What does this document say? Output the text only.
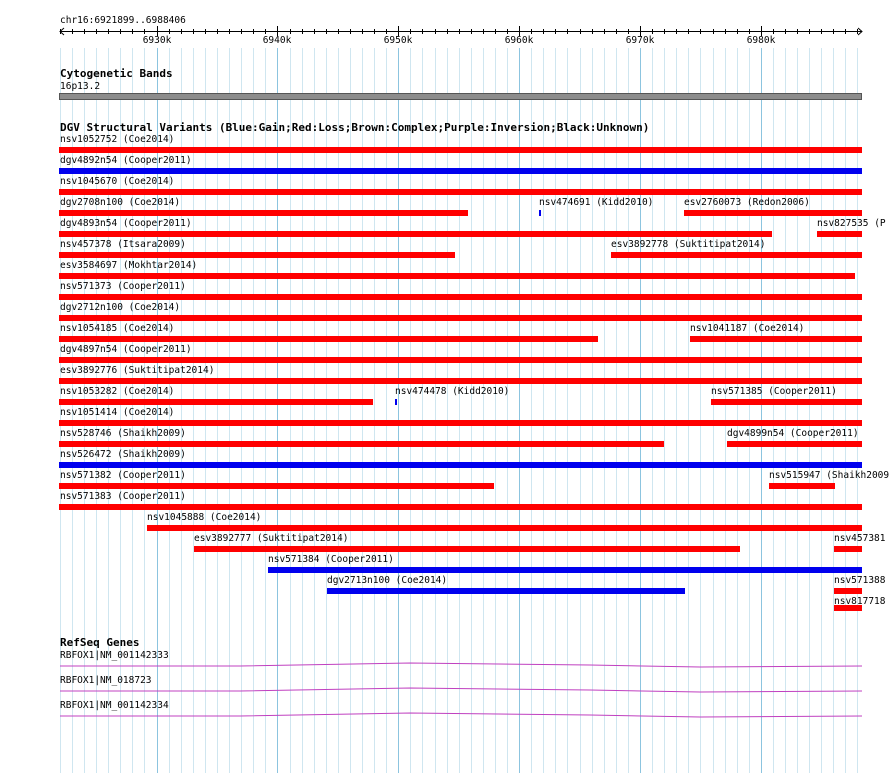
chr16:6921899..6988406
6930k	6940k	6950k	6960k	6970k	6980k
Cytogenetic Bands
16p13.2
DGV Structural Variants (Blue:Gain;Red:Loss;Brown:Complex;Purple:Inversion;Black:Unknown)
nsv1052752 (Coe2014)
dgv4892n54 (Cooper2011)
nsv1045670 (Coe2014)
dgv2708n100 (Coe2014)	nsv474691 (Kidd2010)	esv2760073 (Redon2006)
dgv4893n54 (Cooper2011)	nsv827535 (P
nsv457378 (Itsara2009)	esv3892778 (Suktitipat2014)
esv3584697 (Mokhtar2014)
nsv571373 (Cooper2011)
dgv2712n100 (Coe2014)
nsv1054185 (Coe2014)	nsv1041187 (Coe2014)
dgv4897n54 (Cooper2011)
esv3892776 (Suktitipat2014)
nsv1053282 (Coe2014)	nsv474478 (Kidd2010)	nsv571385 (Cooper2011)
nsv1051414 (Coe2014)
nsv528746 (Shaikh2009)	dgv4899n54 (Cooper2011)
nsv526472 (Shaikh2009)
nsv571382 (Cooper2011)	nsv515947 (Shaikh2009
nsv571383 (Cooper2011)
nsv1045888 (Coe2014)
esv3892777 (Suktitipat2014)	nsv457381
nsv571384 (Cooper2011)
dgv2713n100 (Coe2014)	nsv571388
nsv817718
RefSeq Genes
RBFOX1|NM_001142333
RBFOX1|NM_018723
RBFOX1|NM_001142334
